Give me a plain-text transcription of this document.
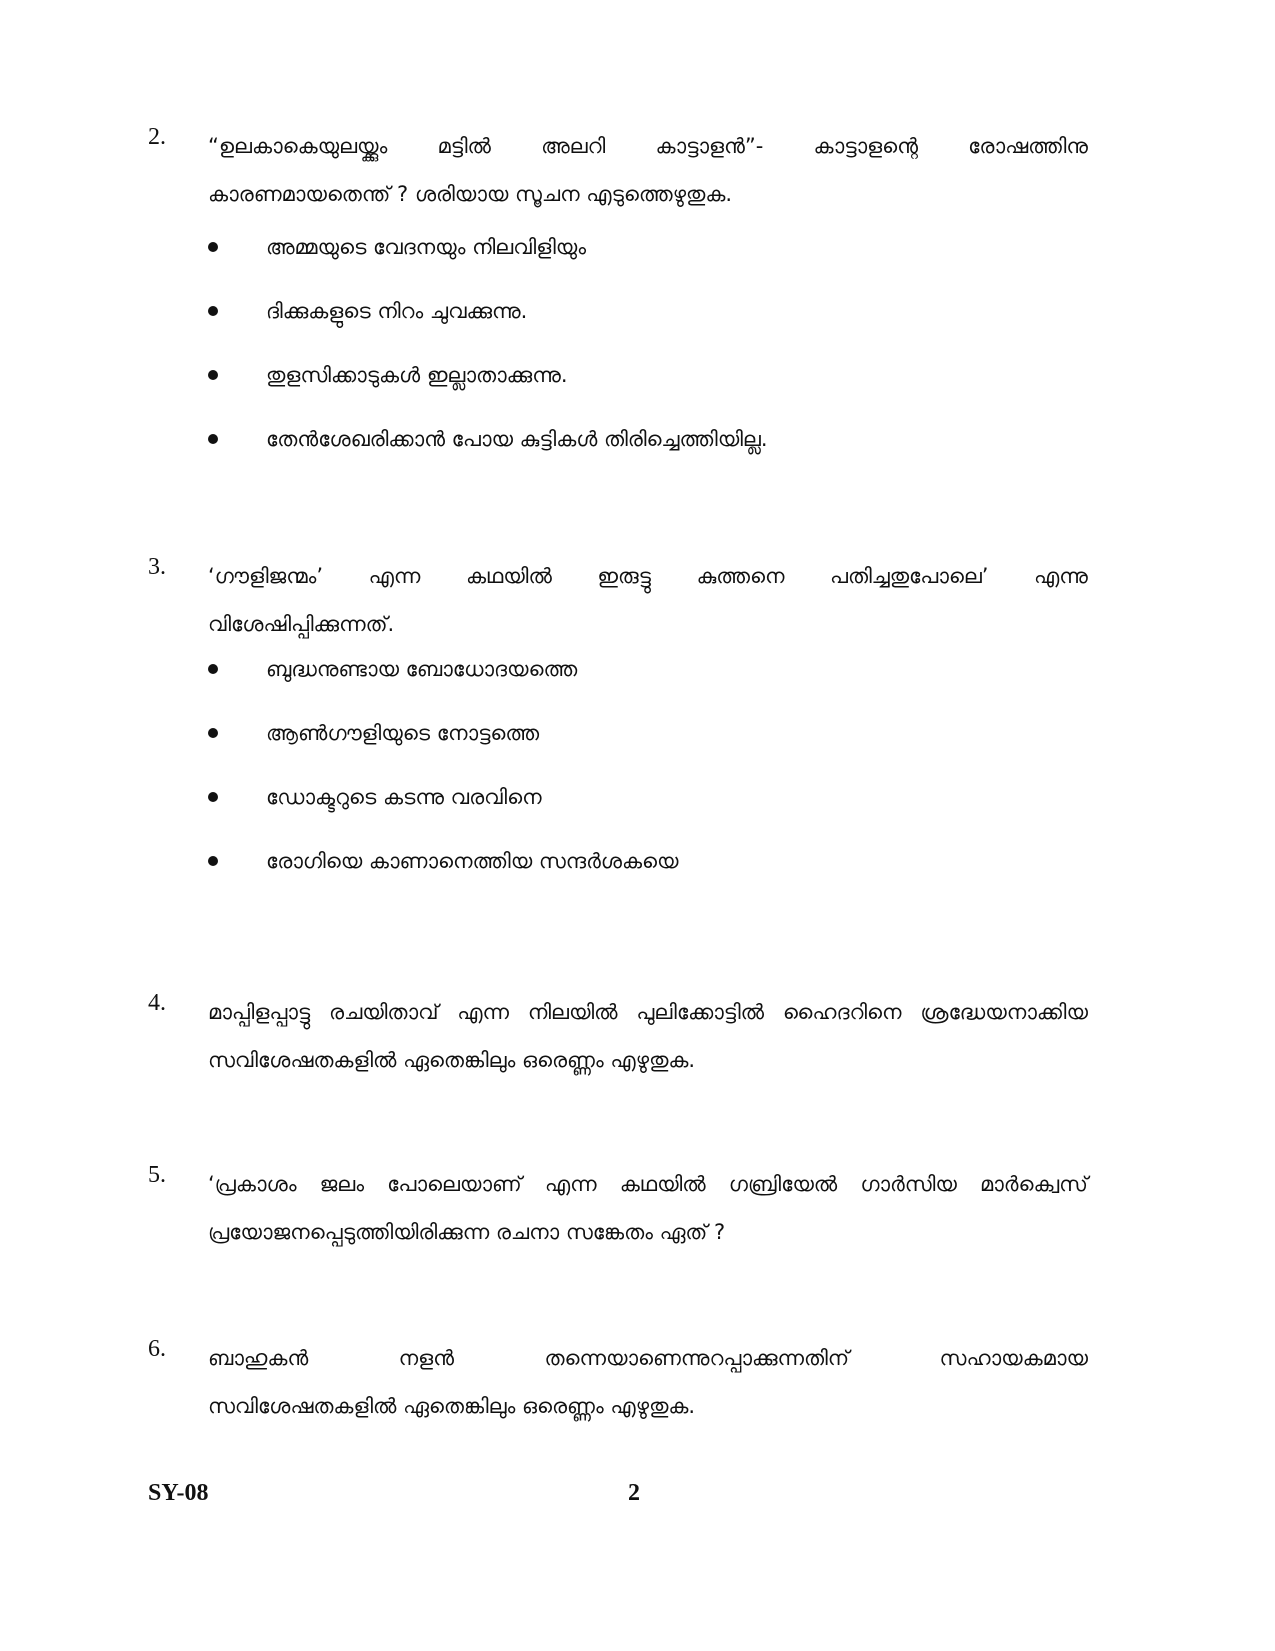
2. “ഉലകാകെയുലയ്ക്കും മട്ടിൽ അലറി കാട്ടാളൻ”- കാട്ടാളന്റെ രോഷത്തിനു
കാരണമായതെന്ത് ? ശരിയായ സൂചന എടുത്തെഴുതുക.
അമ്മയുടെ വേദനയും നിലവിളിയും
ദിക്കുകളുടെ നിറം ചുവക്കുന്നു.
തുളസിക്കാടുകൾ ഇല്ലാതാക്കുന്നു.
തേൻശേഖരിക്കാൻ പോയ കുട്ടികൾ തിരിച്ചെത്തിയില്ല.
3. ‘ഗൗളിജന്മം’ എന്ന കഥയിൽ ഇരുട്ടു കുത്തനെ പതിച്ചതുപോലെ’ എന്നു
വിശേഷിപ്പിക്കുന്നത്.
ബുദ്ധനുണ്ടായ ബോധോദയത്തെ
ആൺഗൗളിയുടെ നോട്ടത്തെ
ഡോക്ടറുടെ കടന്നു വരവിനെ
രോഗിയെ കാണാനെത്തിയ സന്ദർശകയെ
4. മാപ്പിളപ്പാട്ടു രചയിതാവ് എന്ന നിലയിൽ പുലിക്കോട്ടിൽ ഹൈദറിനെ ശ്രദ്ധേയനാക്കിയ
സവിശേഷതകളിൽ ഏതെങ്കിലും ഒരെണ്ണം എഴുതുക.
5. ‘പ്രകാശം ജലം പോലെയാണ് എന്ന കഥയിൽ ഗബ്രിയേൽ ഗാർസിയ മാർക്വെസ്
പ്രയോജനപ്പെടുത്തിയിരിക്കുന്ന രചനാ സങ്കേതം ഏത് ?
6. ബാഹുകൻ	നളൻ	തന്നെയാണെന്നുറപ്പാക്കുന്നതിന്	സഹായകമായ
സവിശേഷതകളിൽ ഏതെങ്കിലും ഒരെണ്ണം എഴുതുക.
SY-08	2
